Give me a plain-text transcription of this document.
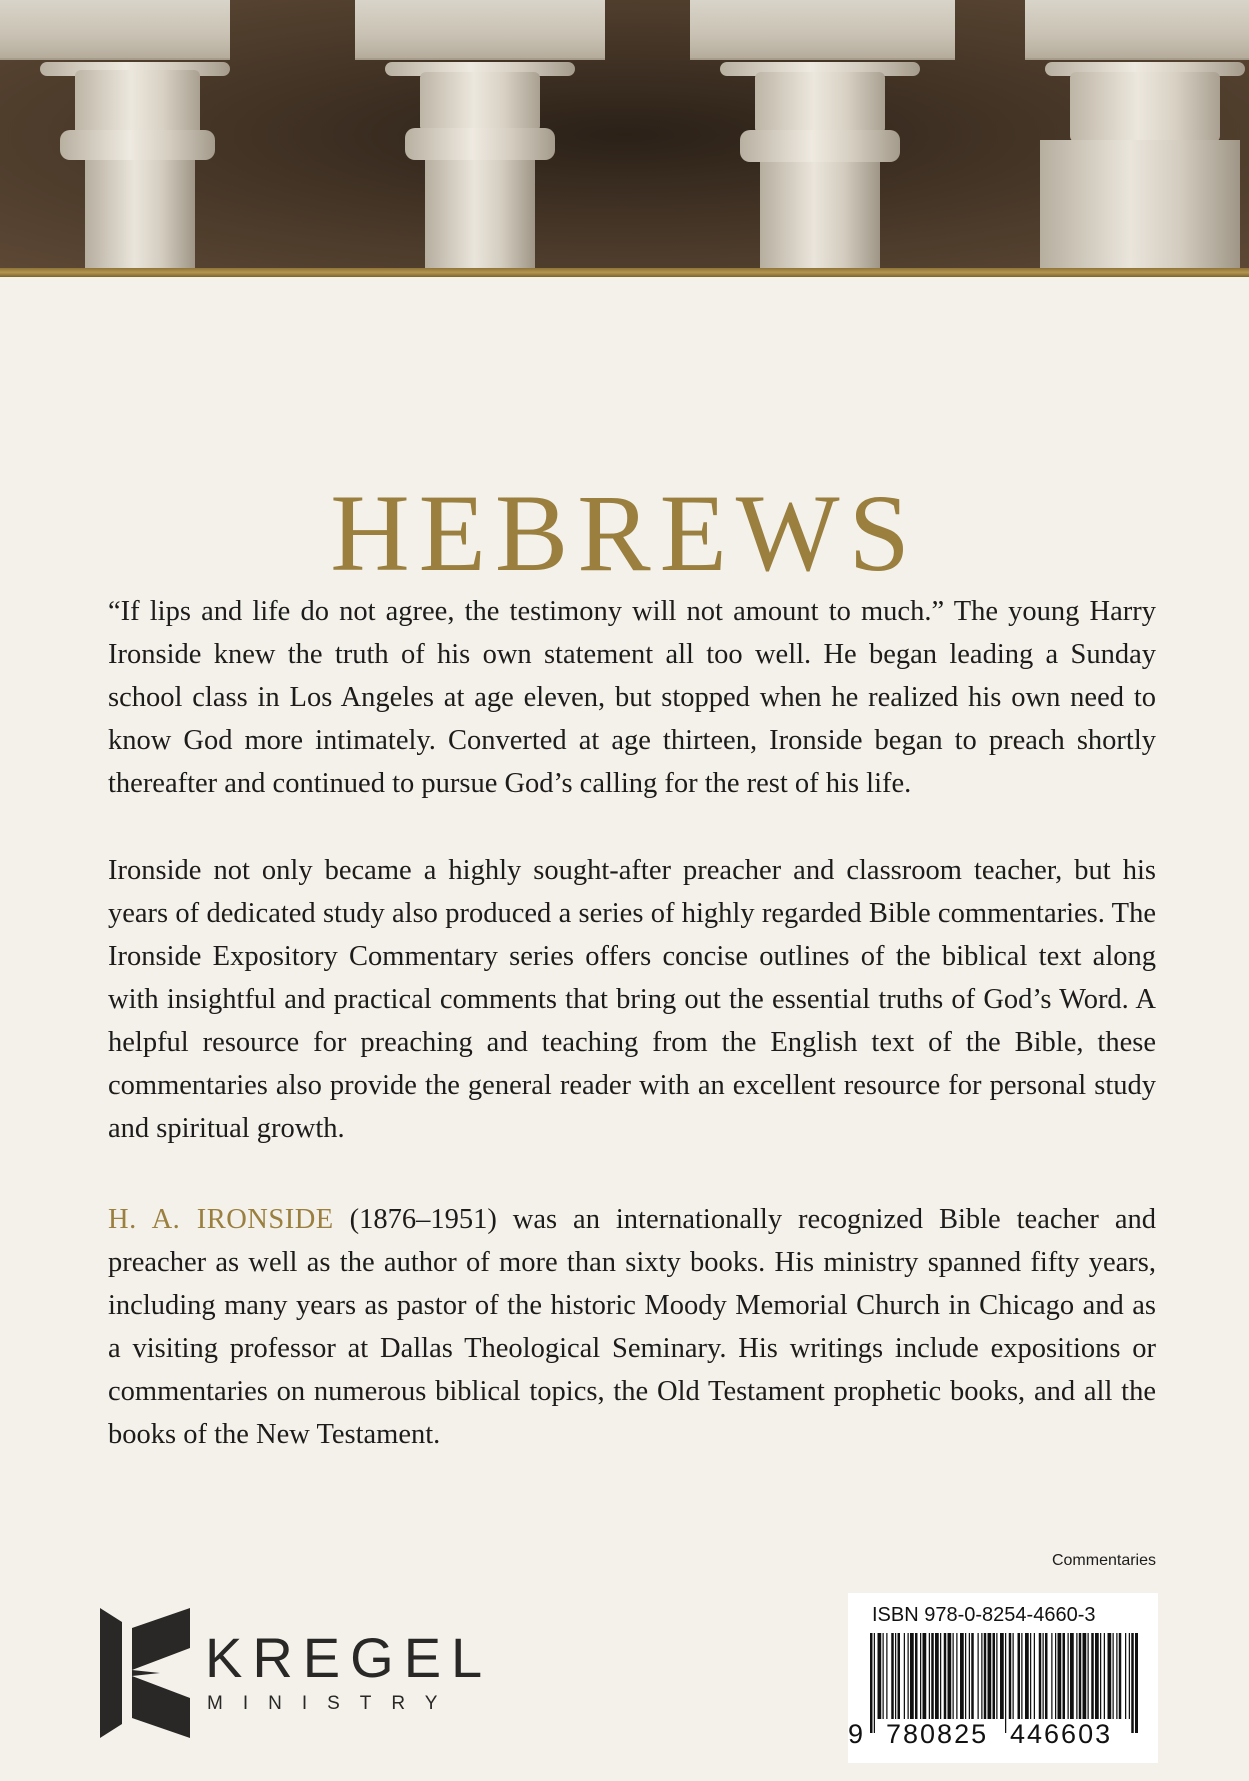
HEBREWS

“If lips and life do not agree, the testimony will not amount to much.” The young Harry Ironside knew the truth of his own statement all too well. He began leading a Sunday school class in Los Angeles at age eleven, but stopped when he realized his own need to know God more intimately. Converted at age thirteen, Ironside began to preach shortly thereafter and continued to pursue God’s calling for the rest of his life.

Ironside not only became a highly sought-after preacher and classroom teacher, but his years of dedicated study also produced a series of highly regarded Bible commentaries. The Ironside Expository Commentary series offers concise outlines of the biblical text along with insightful and practical comments that bring out the essential truths of God’s Word. A helpful resource for preaching and teaching from the English text of the Bible, these commentaries also provide the general reader with an excellent resource for personal study and spiritual growth.

H. A. IRONSIDE (1876–1951) was an internationally recognized Bible teacher and preacher as well as the author of more than sixty books. His ministry spanned fifty years, including many years as pastor of the historic Moody Memorial Church in Chicago and as a visiting professor at Dallas Theological Seminary. His writings include expositions or commentaries on numerous biblical topics, the Old Testament prophetic books, and all the books of the New Testament.

Commentaries
KREGEL
MINISTRY
ISBN 978-0-8254-4660-3
9 780825 446603
